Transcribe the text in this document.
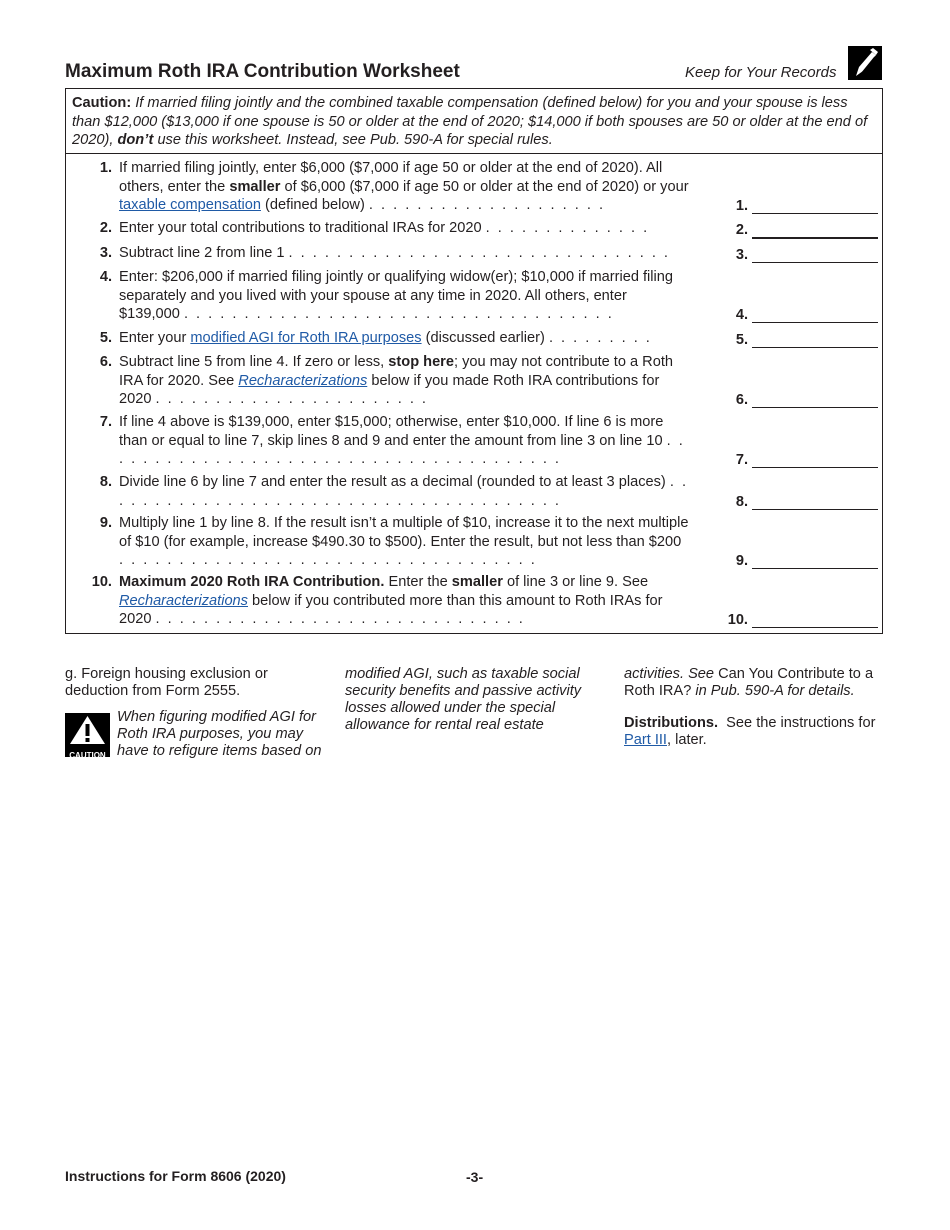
Maximum Roth IRA Contribution Worksheet	Keep for Your Records
Caution: If married filing jointly and the combined taxable compensation (defined below) for you and your spouse is less than $12,000 ($13,000 if one spouse is 50 or older at the end of 2020; $14,000 if both spouses are 50 or older at the end of 2020), don’t use this worksheet. Instead, see Pub. 590-A for special rules.
1. If married filing jointly, enter $6,000 ($7,000 if age 50 or older at the end of 2020). All others, enter the smaller of $6,000 ($7,000 if age 50 or older at the end of 2020) or your taxable compensation (defined below) . . . . . . . . . . . . . . . . . . . .	1.
2. Enter your total contributions to traditional IRAs for 2020 . . . . . . . . . . . . . .	2.
3. Subtract line 2 from line 1 . . . . . . . . . . . . . . . . . . . . . . . . . . . . . . . .	3.
4. Enter: $206,000 if married filing jointly or qualifying widow(er); $10,000 if married filing separately and you lived with your spouse at any time in 2020. All others, enter $139,000 . . . . . . . . . . . . . . . . . . . . . . . . . . . . . . . . . . . .	4.
5. Enter your modified AGI for Roth IRA purposes (discussed earlier) . . . . . . . . .	5.
6. Subtract line 5 from line 4. If zero or less, stop here; you may not contribute to a Roth IRA for 2020. See Recharacterizations below if you made Roth IRA contributions for 2020 . . . . . . . . . . . . . . . . . . . . . . .	6.
7. If line 4 above is $139,000, enter $15,000; otherwise, enter $10,000. If line 6 is more than or equal to line 7, skip lines 8 and 9 and enter the amount from line 3 on line 10 . . . . . . . . . . . . . . . . . . . . . . . . . . . . . . . . . . . . . . .	7.
8. Divide line 6 by line 7 and enter the result as a decimal (rounded to at least 3 places) . . . . . . . . . . . . . . . . . . . . . . . . . . . . . . . . . . . . . . .	8.
9. Multiply line 1 by line 8. If the result isn’t a multiple of $10, increase it to the next multiple of $10 (for example, increase $490.30 to $500). Enter the result, but not less than $200 . . . . . . . . . . . . . . . . . . . . . . . . . . . . . . . . . . .	9.
10. Maximum 2020 Roth IRA Contribution. Enter the smaller of line 3 or line 9. See Recharacterizations below if you contributed more than this amount to Roth IRAs for 2020 . . . . . . . . . . . . . . . . . . . . . . . . . . . . . . .	10.
g. Foreign housing exclusion or deduction from Form 2555.
CAUTION
When figuring modified AGI for Roth IRA purposes, you may have to refigure items based on
modified AGI, such as taxable social security benefits and passive activity losses allowed under the special allowance for rental real estate
activities. See Can You Contribute to a Roth IRA? in Pub. 590-A for details.
Distributions. See the instructions for Part III, later.
Instructions for Form 8606 (2020)	-3-
